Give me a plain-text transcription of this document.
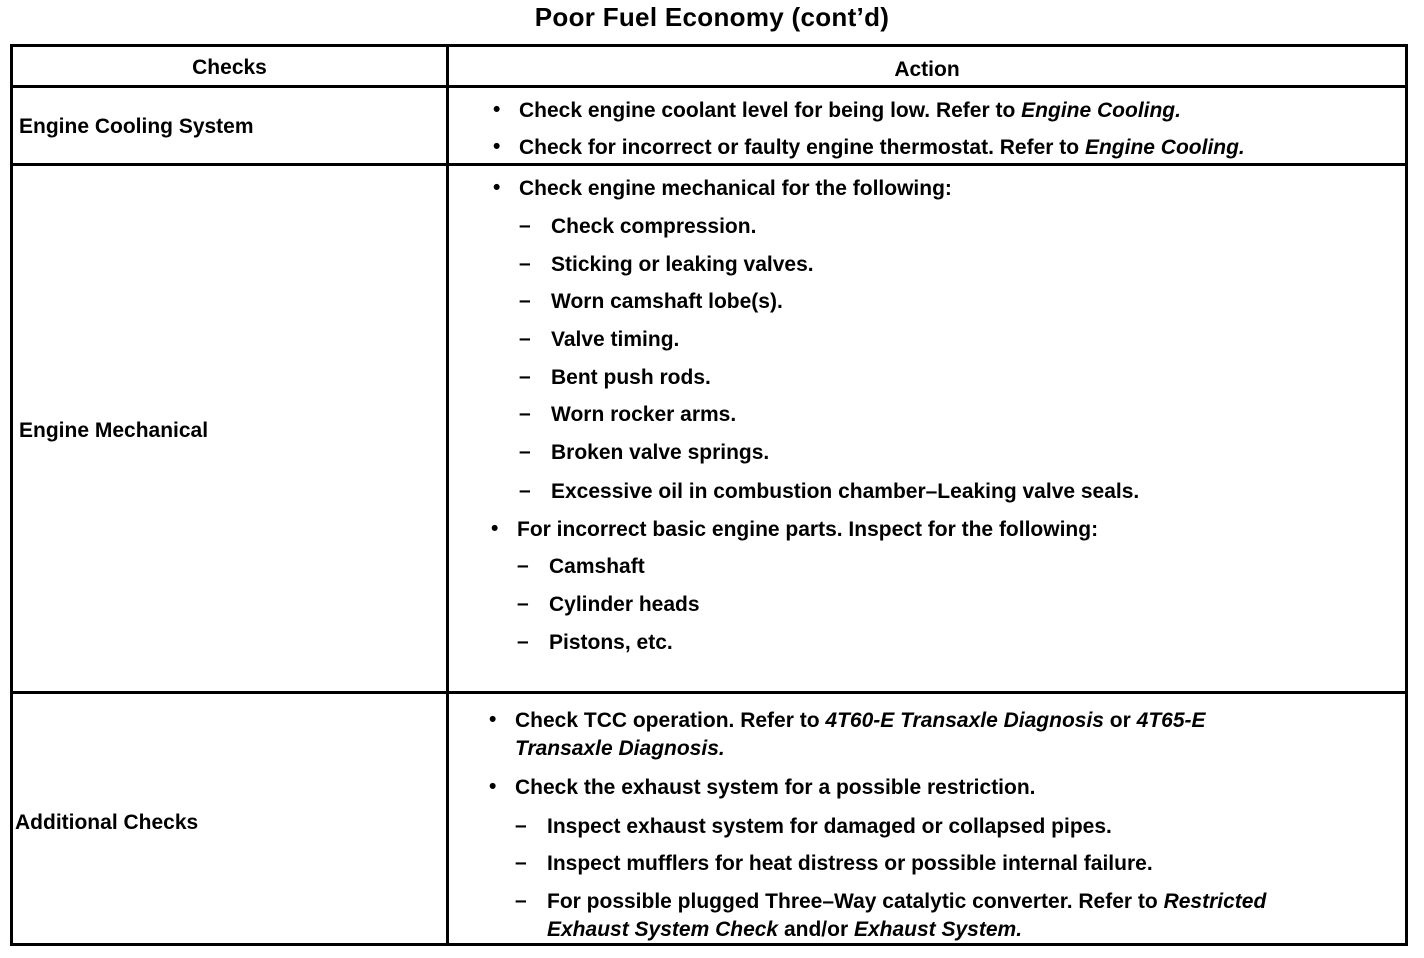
Poor Fuel Economy (cont’d)
Checks	Action
Engine Cooling System
• Check engine coolant level for being low. Refer to Engine Cooling.
• Check for incorrect or faulty engine thermostat. Refer to Engine Cooling.
Engine Mechanical
• Check engine mechanical for the following:
– Check compression.
– Sticking or leaking valves.
– Worn camshaft lobe(s).
– Valve timing.
– Bent push rods.
– Worn rocker arms.
– Broken valve springs.
– Excessive oil in combustion chamber–Leaking valve seals.
• For incorrect basic engine parts. Inspect for the following:
– Camshaft
– Cylinder heads
– Pistons, etc.
Additional Checks
• Check TCC operation. Refer to 4T60-E Transaxle Diagnosis or 4T65-E
Transaxle Diagnosis.
• Check the exhaust system for a possible restriction.
– Inspect exhaust system for damaged or collapsed pipes.
– Inspect mufflers for heat distress or possible internal failure.
– For possible plugged Three–Way catalytic converter. Refer to Restricted
Exhaust System Check and/or Exhaust System.
